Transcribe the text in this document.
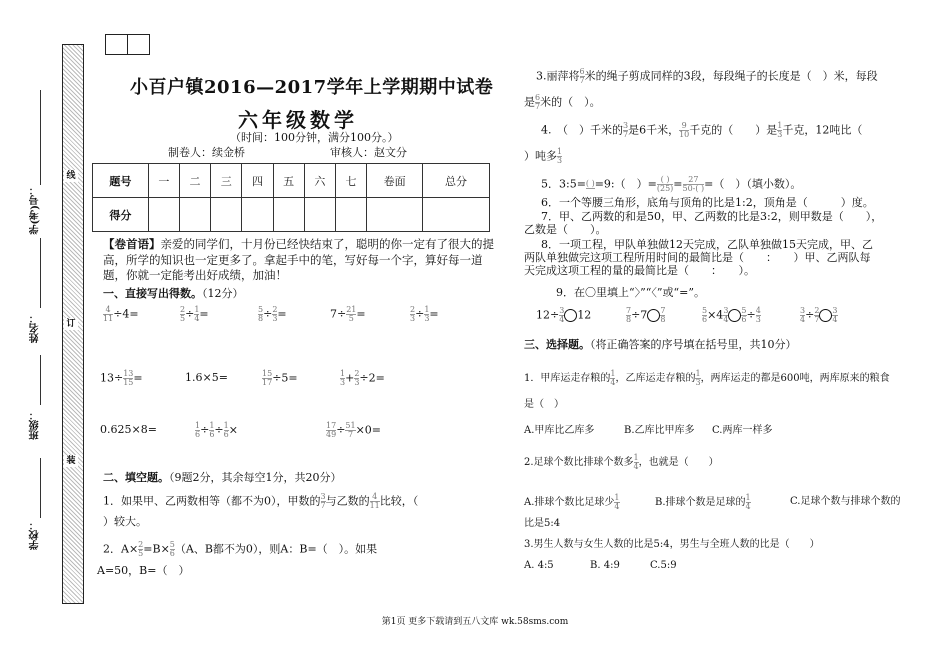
线
订
装
学(考)号：
姓名：
班级：
学校：
小百户镇2016—2017学年上学期期中试卷
六年级数学
（时间：100分钟，满分100分。）
制卷人：续金桥	审核人：赵文分
题号	一	二	三	四	五	六	七	卷面	总分
得分									
【卷首语】亲爱的同学们，十月份已经快结束了，聪明的你一定有了很大的提高，所学的知识也一定更多了。拿起手中的笔，写好每一个字，算好每一道题，你就一定能考出好成绩，加油！
一、直接写出得数。（12分）
$\frac{4}{11} \div 4=$	$\frac{2}{5} \div \frac{1}{4}$ =	$\frac{5}{8} \div \frac{2}{3}$ =	$7\div \frac{21}{5}$ =	$\frac{2}{3} \div \frac{1}{3}$ =
$13\div \frac{13}{15}$ =	1.6×5=	$\frac{15}{17} \div 5=$	$\frac{1}{3} + \frac{2}{3} \div 2=$
0.625×8=	$\frac{1}{6} \div \frac{1}{6} \div \frac{1}{6}$ ×	$\frac{17}{49} \div \frac{51}{7} \times 0=$
二、填空题。（9题2分，其余每空1分，共20分）
1．如果甲、乙两数相等（都不为0），甲数的 $\frac{3}{7}$ 与乙数的 $\frac{4}{11}$ 比较，（
）较大。
2．$A\times \frac{2}{5} =B\times \frac{5}{6} (A$、B都不为0），则A：B=（　）。如果
A=50，B=（　）
3.丽萍将 $\frac{6}{7}$ 米的绳子剪成同样的3段，每段绳子的长度是（　）米，每段
是 $\frac{6}{7}$ 米的（　）。
4.　（　）千米的 $\frac{3}{7}$ 是6千米， $\frac{9}{10}$ 千克的（　　）是 $\frac{1}{3}$ 千克，12吨比（
）吨多 $\frac{1}{3}$
5．3:5= ( ) =9:（　）= ( )
$(25) = \frac{27}{50-( )}$ =（　）（填小数）。
6．一个等腰三角形，底角与顶角的比是1:2，顶角是（　　　）度。
7．甲、乙两数的和是50，甲、乙两数的比是3:2，则甲数是（　　），
乙数是（　　）。
8．一项工程，甲队单独做12天完成，乙队单独做15天完成，甲、乙
两队单独做完这项工程所用时间的最简比是（　　：　　）甲、乙两队每
天完成这项工程的量的最简比是（　　：　　）。
9．在〇里填上“〉”“〈”或“=”。
$12\div \frac{3}{4} 12$	$\frac{7}{8} \div 7 \frac{7}{8}$	$\frac{5}{6} \times 4 \frac{3}{4} \frac{5}{6} \div \frac{4}{3}$	$\frac{3}{4} \div \frac{2}{7} \frac{3}{4}$
三、选择题。（将正确答案的序号填在括号里，共10分）
1．甲库运走存粮的 $\frac{1}{4}$ ，乙库运走存粮的 $\frac{1}{3}$ ，两库运走的都是600吨，两库原来的粮食
是（　）
A.甲库比乙库多	B.乙库比甲库多 C.两库一样多
2.足球个数比排球个数多 $\frac{1}{4}$ ，也就是（　　）
A.排球个数比足球少 $\frac{1}{4}$	B.排球个数是足球的 $\frac{1}{4}$	C.足球个数与排球个数的
比是5:4
3.男生人数与女生人数的比是5:4，男生与全班人数的比是（　　）
A. 4:5	B. 4:9	C.5:9
第1页 更多下载请到五八文库 wk.58sms.com
